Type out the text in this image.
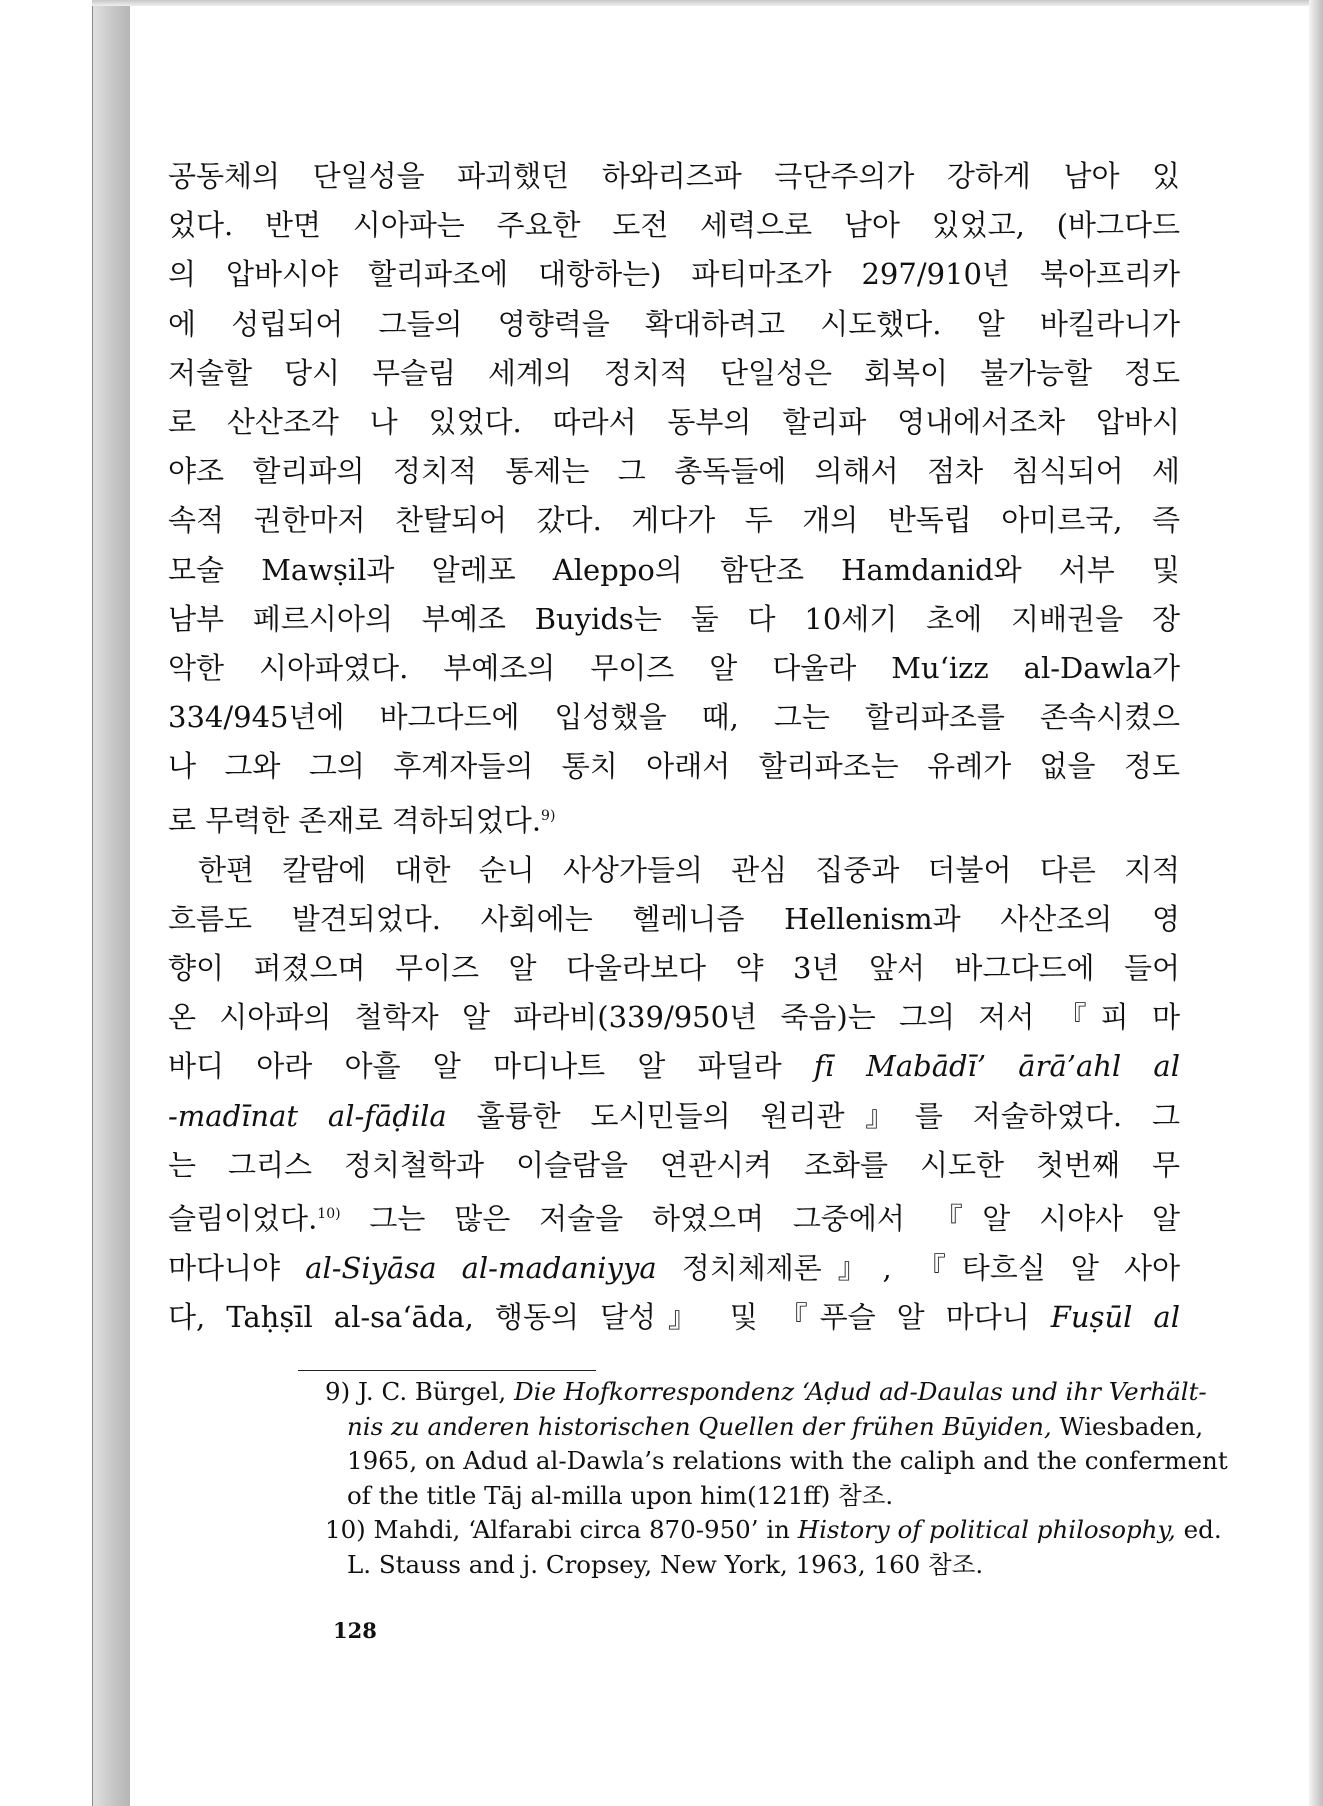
공동체의 단일성을 파괴했던 하와리즈파 극단주의가 강하게 남아 있

었다. 반면 시아파는 주요한 도전 세력으로 남아 있었고, (바그다드

의 압바시야 할리파조에 대항하는) 파티마조가 297/910년 북아프리카

에 성립되어 그들의 영향력을 확대하려고 시도했다. 알 바킬라니가

저술할 당시 무슬림 세계의 정치적 단일성은 회복이 불가능할 정도

로 산산조각 나 있었다. 따라서 동부의 할리파 영내에서조차 압바시

야조 할리파의 정치적 통제는 그 총독들에 의해서 점차 침식되어 세

속적 권한마저 찬탈되어 갔다. 게다가 두 개의 반독립 아미르국, 즉

모술 Mawṣil과 알레포 Aleppo의 함단조 Hamdanid와 서부 및

남부 페르시아의 부예조 Buyids는 둘 다 10세기 초에 지배권을 장

악한 시아파였다. 부예조의 무이즈 알 다울라 Mu‘izz al-Dawla가

334/945년에 바그다드에 입성했을 때, 그는 할리파조를 존속시켰으

나 그와 그의 후계자들의 통치 아래서 할리파조는 유례가 없을 정도

로 무력한 존재로 격하되었다.$^{9)}$

한편 칼람에 대한 순니 사상가들의 관심 집중과 더불어 다른 지적

흐름도 발견되었다. 사회에는 헬레니즘 Hellenism과 사산조의 영

향이 퍼졌으며 무이즈 알 다울라보다 약 3년 앞서 바그다드에 들어

온 시아파의 철학자 알 파라비(339/950년 죽음)는 그의 저서 『피 마

바디 아라 아흘 알 마디나트 알 파딜라 fī Mabādī’ ārā’ahl al

-madīnat al-fāḍila 훌륭한 도시민들의 원리관』를 저술하였다. 그

는 그리스 정치철학과 이슬람을 연관시켜 조화를 시도한 첫번째 무

슬림이었다.$^{10)}$ 그는 많은 저술을 하였으며 그중에서 『알 시야사 알

마다니야 al-Siyāsa al-madaniyya 정치체제론』, 『타흐실 알 사아

다, Taḥṣīl al-sa‘āda, 행동의 달성』 및 『푸슬 알 마다니 Fuṣūl al

9) J. C. Bürgel, Die Hofkorrespondenz ‘Aḍud ad-Daulas und ihr Verhält-

nis zu anderen historischen Quellen der frühen Būyiden, Wiesbaden,

1965, on Adud al-Dawla’s relations with the caliph and the conferment

of the title Tāj al-milla upon him(121ff) 참조.

10) Mahdi, ‘Alfarabi circa 870-950’ in History of political philosophy, ed.

L. Stauss and j. Cropsey, New York, 1963, 160 참조.

128
